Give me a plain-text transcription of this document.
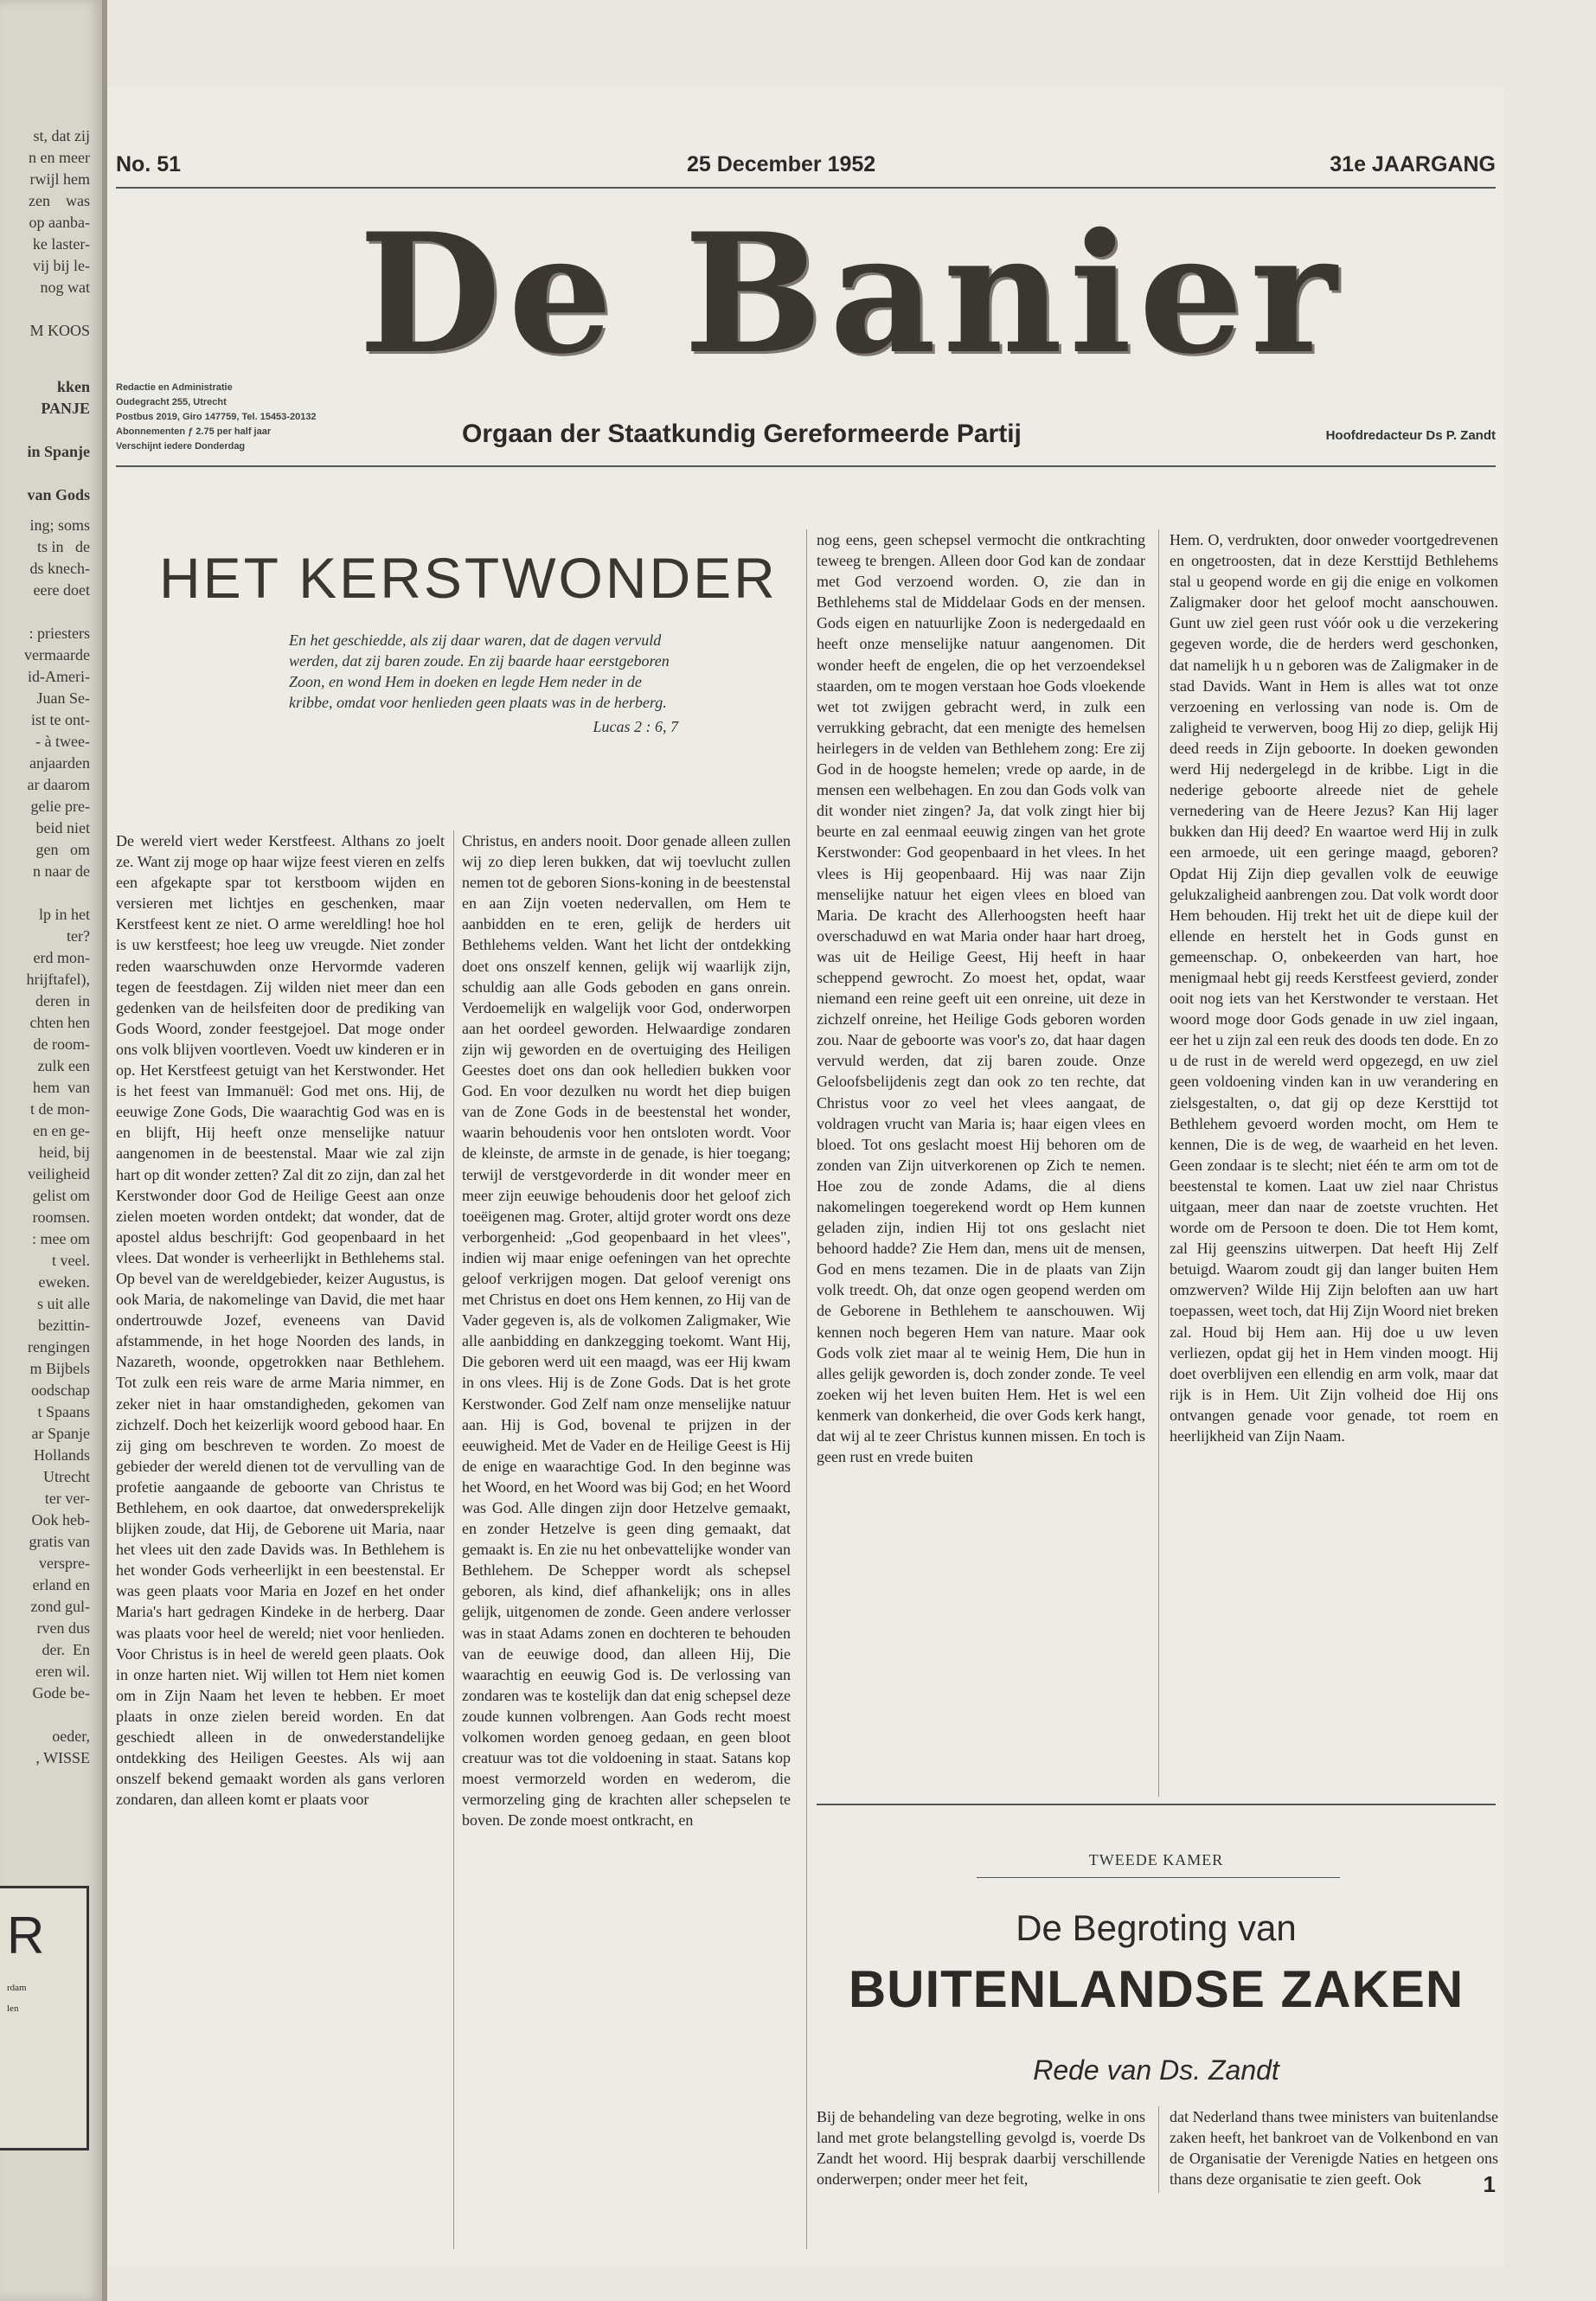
st, dat zij
n en meer
rwijl hem
zen    was
op aanba-
ke laster-
vij bij le-
nog wat

M KOOS
kken
PANJE

in Spanje

van Gods
ing; soms
ts in   de
ds knech-
eere doet

: priesters
vermaarde
id-Ameri-
Juan Se-
ist te ont-
- à twee-
anjaarden
ar daarom
gelie pre-
beid niet
gen   om
n naar de

lp in het
ter?
erd mon-
hrijftafel),
deren  in
chten hen
de room-
zulk een
hem  van
t de mon-
en en ge-
heid, bij
veiligheid
gelist om
roomsen.
: mee om
t veel.
eweken.
s uit alle
bezittin-
rengingen
m Bijbels
oodschap
t Spaans
ar Spanje
Hollands
Utrecht
ter ver-
Ook heb-
gratis van
verspre-
erland en
zond gul-
rven dus
der.  En
eren wil.
Gode be-

oeder,
, WISSE
R
rdam

len
No. 51	25 December 1952	31e JAARGANG
De Banier
Redactie en Administratie
Oudegracht 255, Utrecht
Postbus 2019, Giro 147759, Tel. 15453-20132
Abonnementen ƒ 2.75 per half jaar
Verschijnt iedere Donderdag	Orgaan der Staatkundig Gereformeerde Partij	Hoofdredacteur Ds P. Zandt
HET KERSTWONDER
En het geschiedde, als zij daar waren, dat de dagen vervuld werden, dat zij baren zoude. En zij baarde haar eerstgeboren Zoon, en wond Hem in doeken en legde Hem neder in de kribbe, omdat voor henlieden geen plaats was in de herberg.
Lucas 2 : 6, 7

De wereld viert weder Kerstfeest. Althans zo joelt ze. Want zij moge op haar wijze feest vieren en zelfs een afgekapte spar tot kerstboom wijden en versieren met lichtjes en geschenken, maar Kerstfeest kent ze niet. O arme wereldling! hoe hol is uw kerstfeest; hoe leeg uw vreugde. Niet zonder reden waarschuwden onze Hervormde vaderen tegen de feestdagen. Zij wilden niet meer dan een gedenken van de heilsfeiten door de prediking van Gods Woord, zonder feestgejoel. Dat moge onder ons volk blijven voortleven. Voedt uw kinderen er in op. Het Kerstfeest getuigt van het Kerstwonder. Het is het feest van Immanuël: God met ons. Hij, de eeuwige Zone Gods, Die waarachtig God was en is en blijft, Hij heeft onze menselijke natuur aangenomen in de beestenstal. Maar wie zal zijn hart op dit wonder zetten? Zal dit zo zijn, dan zal het Kerstwonder door God de Heilige Geest aan onze zielen moeten worden ontdekt; dat wonder, dat de apostel aldus beschrijft: God geopenbaard in het vlees. Dat wonder is verheerlijkt in Bethlehems stal. Op bevel van de wereldgebieder, keizer Augustus, is ook Maria, de nakomelinge van David, die met haar ondertrouwde Jozef, eveneens van David afstammende, in het hoge Noorden des lands, in Nazareth, woonde, opgetrokken naar Bethlehem. Tot zulk een reis ware de arme Maria nimmer, en zeker niet in haar omstandigheden, gekomen van zichzelf. Doch het keizerlijk woord gebood haar. En zij ging om beschreven te worden. Zo moest de gebieder der wereld dienen tot de vervulling van de profetie aangaande de geboorte van Christus te Bethlehem, en ook daartoe, dat onwedersprekelijk blijken zoude, dat Hij, de Geborene uit Maria, naar het vlees uit den zade Davids was. In Bethlehem is het wonder Gods verheerlijkt in een beestenstal. Er was geen plaats voor Maria en Jozef en het onder Maria's hart gedragen Kindeke in de herberg. Daar was plaats voor heel de wereld; niet voor henlieden. Voor Christus is in heel de wereld geen plaats. Ook in onze harten niet. Wij willen tot Hem niet komen om in Zijn Naam het leven te hebben. Er moet plaats in onze zielen bereid worden. En dat geschiedt alleen in de onwederstandelijke ontdekking des Heiligen Geestes. Als wij aan onszelf bekend gemaakt worden als gans verloren zondaren, dan alleen komt er plaats voor

Christus, en anders nooit. Door genade alleen zullen wij zo diep leren bukken, dat wij toevlucht zullen nemen tot de geboren Sions-koning in de beestenstal en aan Zijn voeten nedervallen, om Hem te aanbidden en te eren, gelijk de herders uit Bethlehems velden. Want het licht der ontdekking doet ons onszelf kennen, gelijk wij waarlijk zijn, schuldig aan alle Gods geboden en gans onrein. Verdoemelijk en walgelijk voor God, onderworpen aan het oordeel geworden. Helwaardige zondaren zijn wij geworden en de overtuiging des Heiligen Geestes doet ons dan ook helledieп bukken voor God. En voor dezulken nu wordt het diep buigen van de Zone Gods in de beestenstal het wonder, waarin behoudenis voor hen ontsloten wordt. Voor de kleinste, de armste in de genade, is hier toegang; terwijl de verstgevorderde in dit wonder meer en meer zijn eeuwige behoudenis door het geloof zich toeëigenen mag. Groter, altijd groter wordt ons deze verborgenheid: „God geopenbaard in het vlees", indien wij maar enige oefeningen van het oprechte geloof verkrijgen mogen. Dat geloof verenigt ons met Christus en doet ons Hem kennen, zo Hij van de Vader gegeven is, als de volkomen Zaligmaker, Wie alle aanbidding en dankzegging toekomt. Want Hij, Die geboren werd uit een maagd, was eer Hij kwam in ons vlees. Hij is de Zone Gods. Dat is het grote Kerstwonder. God Zelf nam onze menselijke natuur aan. Hij is God, bovenal te prijzen in der eeuwigheid. Met de Vader en de Heilige Geest is Hij de enige en waarachtige God. In den beginne was het Woord, en het Woord was bij God; en het Woord was God. Alle dingen zijn door Hetzelve gemaakt, en zonder Hetzelve is geen ding gemaakt, dat gemaakt is. En zie nu het onbevattelijke wonder van Bethlehem. De Schepper wordt als schepsel geboren, als kind, dief afhankelijk; ons in alles gelijk, uitgenomen de zonde. Geen andere verlosser was in staat Adams zonen en dochteren te behouden van de eeuwige dood, dan alleen Hij, Die waarachtig en eeuwig God is. De verlossing van zondaren was te kostelijk dan dat enig schepsel deze zoude kunnen volbrengen. Aan Gods recht moest volkomen worden genoeg gedaan, en geen bloot creatuur was tot die voldoening in staat. Satans kop moest vermorzeld worden en wederom, die vermorzeling ging de krachten aller schepselen te boven. De zonde moest ontkracht, en

nog eens, geen schepsel vermocht die ontkrachting teweeg te brengen. Alleen door God kan de zondaar met God verzoend worden. O, zie dan in Bethlehems stal de Middelaar Gods en der mensen. Gods eigen en natuurlijke Zoon is nedergedaald en heeft onze menselijke natuur aangenomen. Dit wonder heeft de engelen, die op het verzoendeksel staarden, om te mogen verstaan hoe Gods vloekende wet tot zwijgen gebracht werd, in zulk een verrukking gebracht, dat een menigte des hemelsen heirlegers in de velden van Bethlehem zong: Ere zij God in de hoogste hemelen; vrede op aarde, in de mensen een welbehagen. En zou dan Gods volk van dit wonder niet zingen? Ja, dat volk zingt hier bij beurte en zal eenmaal eeuwig zingen van het grote Kerstwonder: God geopenbaard in het vlees. In het vlees is Hij geopenbaard. Hij was naar Zijn menselijke natuur het eigen vlees en bloed van Maria. De kracht des Allerhoogsten heeft haar overschaduwd en wat Maria onder haar hart droeg, was uit de Heilige Geest, Hij heeft in haar scheppend gewrocht. Zo moest het, opdat, waar niemand een reine geeft uit een onreine, uit deze in zichzelf onreine, het Heilige Gods geboren worden zou. Naar de geboorte was voor's zo, dat haar dagen vervuld werden, dat zij baren zoude. Onze Geloofsbelijdenis zegt dan ook zo ten rechte, dat Christus voor zo veel het vlees aangaat, de voldragen vrucht van Maria is; haar eigen vlees en bloed. Tot ons geslacht moest Hij behoren om de zonden van Zijn uitverkorenen op Zich te nemen. Hoe zou de zonde Adams, die al diens nakomelingen toegerekend wordt op Hem kunnen geladen zijn, indien Hij tot ons geslacht niet behoord hadde? Zie Hem dan, mens uit de mensen, God en mens tezamen. Die in de plaats van Zijn volk treedt. Oh, dat onze ogen geopend werden om de Geborene in Bethlehem te aanschouwen. Wij kennen noch begeren Hem van nature. Maar ook Gods volk ziet maar al te weinig Hem, Die hun in alles gelijk geworden is, doch zonder zonde. Te veel zoeken wij het leven buiten Hem. Het is wel een kenmerk van donkerheid, die over Gods kerk hangt, dat wij al te zeer Christus kunnen missen. En toch is geen rust en vrede buiten

Hem. O, verdrukten, door onweder voortgedrevenen en ongetroosten, dat in deze Kersttijd Bethlehems stal u geopend worde en gij die enige en volkomen Zaligmaker door het geloof mocht aanschouwen. Gunt uw ziel geen rust vóór ook u die verzekering gegeven worde, die de herders werd geschonken, dat namelijk h u n geboren was de Zaligmaker in de stad Davids. Want in Hem is alles wat tot onze verzoening en verlossing van node is. Om de zaligheid te verwerven, boog Hij zo diep, gelijk Hij deed reeds in Zijn geboorte. In doeken gewonden werd Hij nedergelegd in de kribbe. Ligt in die nederige geboorte alreede niet de gehele vernedering van de Heere Jezus? Kan Hij lager bukken dan Hij deed? En waartoe werd Hij in zulk een armoede, uit een geringe maagd, geboren? Opdat Hij Zijn diep gevallen volk de eeuwige gelukzaligheid aanbrengen zou. Dat volk wordt door Hem behouden. Hij trekt het uit de diepe kuil der ellende en herstelt het in Gods gunst en gemeenschap. O, onbekeerden van hart, hoe menigmaal hebt gij reeds Kerstfeest gevierd, zonder ooit nog iets van het Kerstwonder te verstaan. Het woord moge door Gods genade in uw ziel ingaan, eer het u zijn zal een reuk des doods ten dode. En zo u de rust in de wereld werd opgezegd, en uw ziel geen voldoening vinden kan in uw verandering en zielsgestalten, o, dat gij op deze Kersttijd tot Bethlehem gevoerd worden mocht, om Hem te kennen, Die is de weg, de waarheid en het leven. Geen zondaar is te slecht; niet één te arm om tot de beestenstal te komen. Laat uw ziel naar Christus uitgaan, meer dan naar de zoetste vruchten. Het worde om de Persoon te doen. Die tot Hem komt, zal Hij geenszins uitwerpen. Dat heeft Hij Zelf betuigd. Waarom zoudt gij dan langer buiten Hem omzwerven? Wilde Hij Zijn beloften aan uw hart toepassen, weet toch, dat Hij Zijn Woord niet breken zal. Houd bij Hem aan. Hij doe u uw leven verliezen, opdat gij het in Hem vinden moogt. Hij doet overblijven een ellendig en arm volk, maar dat rijk is in Hem. Uit Zijn volheid doe Hij ons ontvangen genade voor genade, tot roem en heerlijkheid van Zijn Naam.

TWEEDE KAMER
De Begroting van
BUITENLANDSE ZAKEN
Rede van Ds. Zandt

Bij de behandeling van deze begroting, welke in ons land met grote belangstelling gevolgd is, voerde Ds Zandt het woord. Hij besprak daarbij verschillende onderwerpen; onder meer het feit,

dat Nederland thans twee ministers van buitenlandse zaken heeft, het bankroet van de Volkenbond en van de Organisatie der Verenigde Naties en hetgeen ons thans deze organisatie te zien geeft. Ook	1
